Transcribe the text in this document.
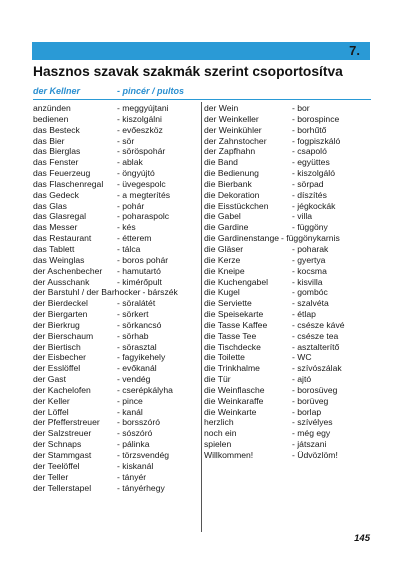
7.
Hasznos szavak szakmák szerint csoportosítva
der Kellner	- pincér / pultos
anzünden	- meggyújtani
bedienen	- kiszolgálni
das Besteck	- evőeszköz
das Bier	- sör
das Bierglas	- söröspohár
das Fenster	- ablak
das Feuerzeug	- öngyújtó
das Flaschenregal - üvegespolc
das Gedeck	- a megterítés
das Glas	- pohár
das Glasregal	- poharaspolc
das Messer	- kés
das Restaurant	- étterem
das Tablett	- tálca
das Weinglas	- boros pohár
der Aschenbecher - hamutartó
der Ausschank	- kimérőpult
der Barstuhl / der Barhocker - bárszék
der Bierdeckel	- söralátét
der Biergarten	- sörkert
der Bierkrug	- sörkancsó
der Bierschaum	- sörhab
der Biertisch	- sörasztal
der Eisbecher	- fagyikehely
der Esslöffel	- evőkanál
der Gast	- vendég
der Kachelofen	- cserépkályha
der Keller	- pince
der Löffel	- kanál
der Pfefferstreuer - borsszóró
der Salzstreuer	- sószóró
der Schnaps	- pálinka
der Stammgast	- törzsvendég
der Teelöffel	- kiskanál
der Teller	- tányér
der Tellerstapel	- tányérhegy
der Wein	- bor
der Weinkeller	- borospince
der Weinkühler	- borhűtő
der Zahnstocher	- fogpiszkáló
der Zapfhahn	- csapoló
die Band	- együttes
die Bedienung	- kiszolgáló
die Bierbank	- sörpad
die Dekoration	- díszítés
die Eisstückchen	- jégkockák
die Gabel	- villa
die Gardine	- függöny
die Gardinenstange - függönykarnis
die Gläser	- poharak
die Kerze	- gyertya
die Kneipe	- kocsma
die Kuchengabel	- kisvilla
die Kugel	- gombóc
die Serviette	- szalvéta
die Speisekarte	- étlap
die Tasse Kaffee	- csésze kávé
die Tasse Tee	- csésze tea
die Tischdecke	- asztalterítő
die Toilette	- WC
die Trinkhalme	- szívószálak
die Tür	- ajtó
die Weinflasche	- borosüveg
die Weinkaraffe	- borüveg
die Weinkarte	- borlap
herzlich	- szívélyes
noch ein	- még egy
spielen	- játszani
Willkommen!	- Üdvözlöm!
145
